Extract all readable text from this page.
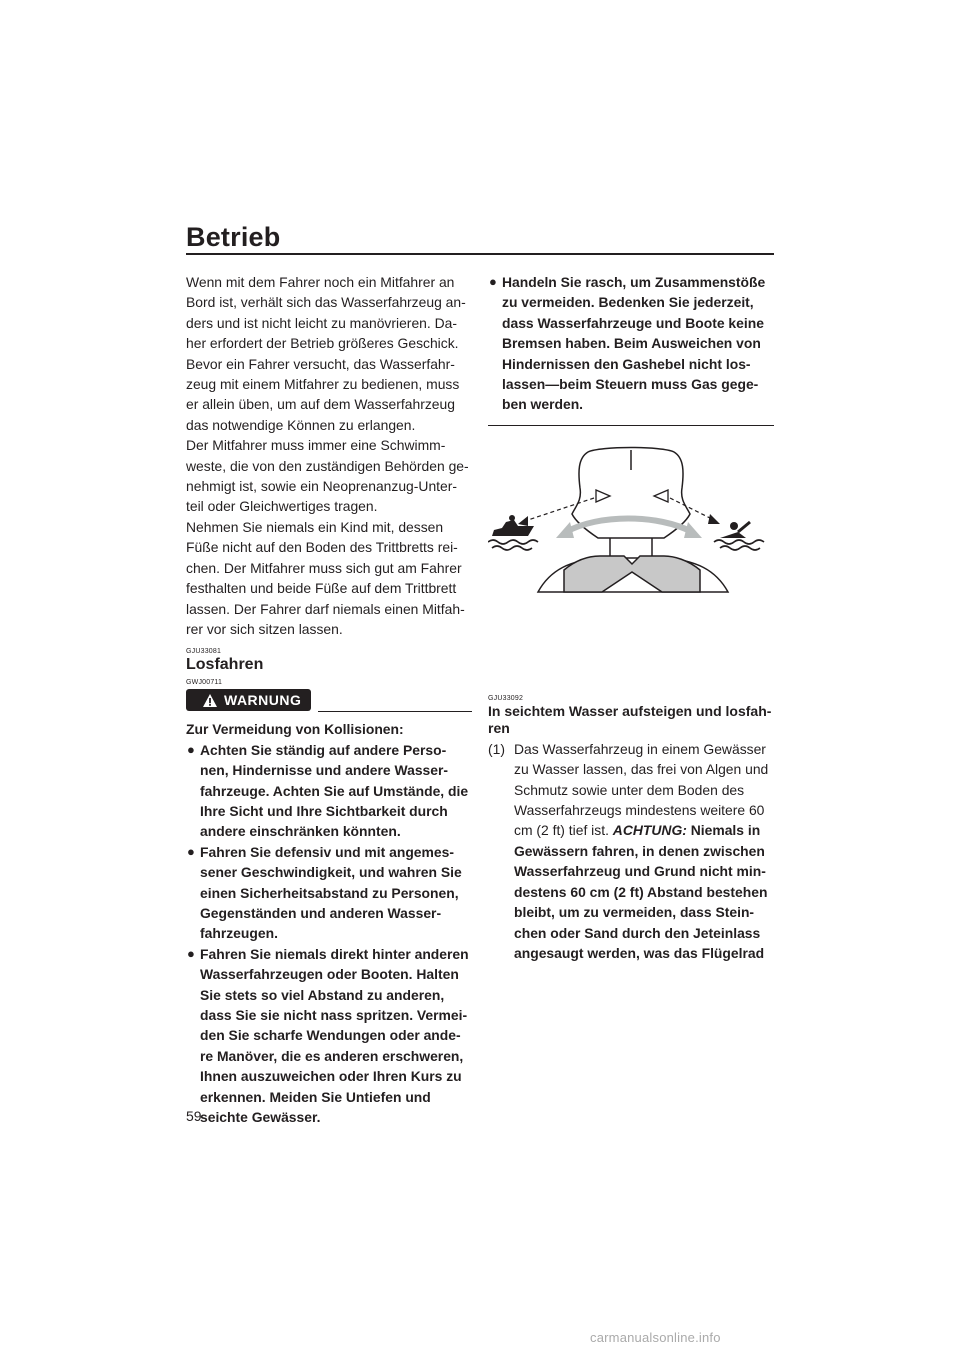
Betrieb

Wenn mit dem Fahrer noch ein Mitfahrer an Bord ist, verhält sich das Wasserfahrzeug an-ders und ist nicht leicht zu manövrieren. Da-her erfordert der Betrieb größeres Geschick. Bevor ein Fahrer versucht, das Wasserfahr-zeug mit einem Mitfahrer zu bedienen, muss er allein üben, um auf dem Wasserfahrzeug das notwendige Können zu erlangen.

Der Mitfahrer muss immer eine Schwimm-weste, die von den zuständigen Behörden ge-nehmigt ist, sowie ein Neoprenanzug-Unter-teil oder Gleichwertiges tragen.

Nehmen Sie niemals ein Kind mit, dessen Füße nicht auf den Boden des Trittbretts rei-chen. Der Mitfahrer muss sich gut am Fahrer festhalten und beide Füße auf dem Trittbrett lassen. Der Fahrer darf niemals einen Mitfah-rer vor sich sitzen lassen.

GJU33081

Losfahren

GWJ00711

WARNUNG

Zur Vermeidung von Kollisionen:

● Achten Sie ständig auf andere Perso-nen, Hindernisse und andere Wasser-fahrzeuge. Achten Sie auf Umstände, die Ihre Sicht und Ihre Sichtbarkeit durch andere einschränken könnten.

● Fahren Sie defensiv und mit angemes-sener Geschwindigkeit, und wahren Sie einen Sicherheitsabstand zu Personen, Gegenständen und anderen Wasser-fahrzeugen.

● Fahren Sie niemals direkt hinter anderen Wasserfahrzeugen oder Booten. Halten Sie stets so viel Abstand zu anderen, dass Sie sie nicht nass spritzen. Vermei-den Sie scharfe Wendungen oder ande-re Manöver, die es anderen erschweren, Ihnen auszuweichen oder Ihren Kurs zu erkennen. Meiden Sie Untiefen und seichte Gewässer.

● Handeln Sie rasch, um Zusammenstöße zu vermeiden. Bedenken Sie jederzeit, dass Wasserfahrzeuge und Boote keine Bremsen haben. Beim Ausweichen von Hindernissen den Gashebel nicht los-lassen—beim Steuern muss Gas gege-ben werden.

GJU33092

In seichtem Wasser aufsteigen und losfah-ren

(1) Das Wasserfahrzeug in einem Gewässer zu Wasser lassen, das frei von Algen und Schmutz sowie unter dem Boden des Wasserfahrzeugs mindestens weitere 60 cm (2 ft) tief ist. ACHTUNG: Niemals in Gewässern fahren, in denen zwischen Wasserfahrzeug und Grund nicht min-destens 60 cm (2 ft) Abstand bestehen bleibt, um zu vermeiden, dass Stein-chen oder Sand durch den Jeteinlass angesaugt werden, was das Flügelrad
59
carmanualsonline.info
